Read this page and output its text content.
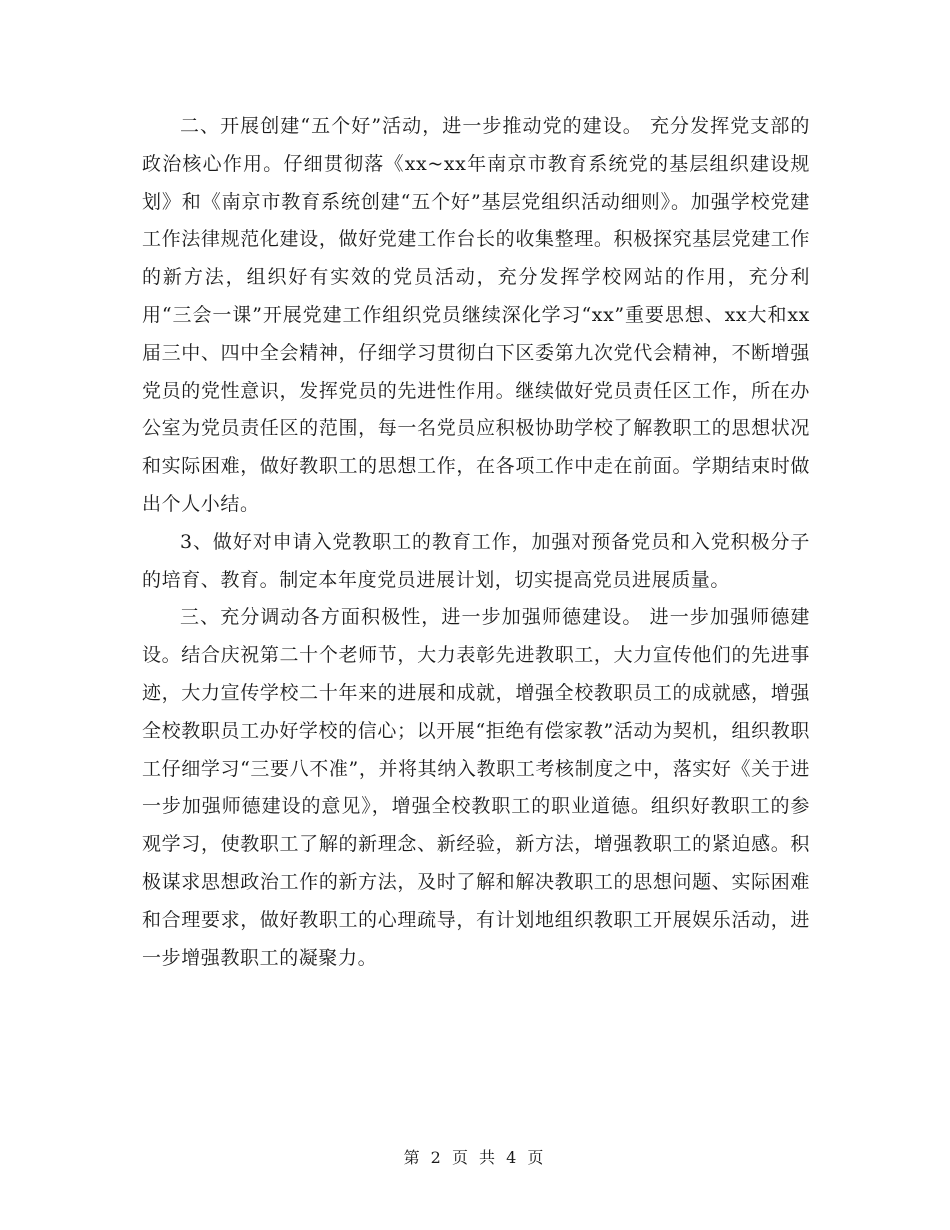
二、开展创建“五个好”活动，进一步推动党的建设。 充分发挥党支部的政治核心作用。仔细贯彻落《xx~xx年南京市教育系统党的基层组织建设规划》和《南京市教育系统创建“五个好”基层党组织活动细则》。加强学校党建工作法律规范化建设，做好党建工作台长的收集整理。积极探究基层党建工作的新方法，组织好有实效的党员活动，充分发挥学校网站的作用，充分利用“三会一课”开展党建工作组织党员继续深化学习“xx”重要思想、xx大和xx届三中、四中全会精神，仔细学习贯彻白下区委第九次党代会精神，不断增强党员的党性意识，发挥党员的先进性作用。继续做好党员责任区工作，所在办公室为党员责任区的范围，每一名党员应积极协助学校了解教职工的思想状况和实际困难，做好教职工的思想工作，在各项工作中走在前面。学期结束时做出个人小结。

3、做好对申请入党教职工的教育工作，加强对预备党员和入党积极分子的培育、教育。制定本年度党员进展计划，切实提高党员进展质量。

三、充分调动各方面积极性，进一步加强师德建设。 进一步加强师德建设。结合庆祝第二十个老师节，大力表彰先进教职工，大力宣传他们的先进事迹，大力宣传学校二十年来的进展和成就，增强全校教职员工的成就感，增强全校教职员工办好学校的信心；以开展“拒绝有偿家教”活动为契机，组织教职工仔细学习“三要八不准”，并将其纳入教职工考核制度之中，落实好《关于进一步加强师德建设的意见》，增强全校教职工的职业道德。组织好教职工的参观学习，使教职工了解的新理念、新经验，新方法，增强教职工的紧迫感。积极谋求思想政治工作的新方法，及时了解和解决教职工的思想问题、实际困难和合理要求，做好教职工的心理疏导，有计划地组织教职工开展娱乐活动，进一步增强教职工的凝聚力。

第 2 页 共 4 页
